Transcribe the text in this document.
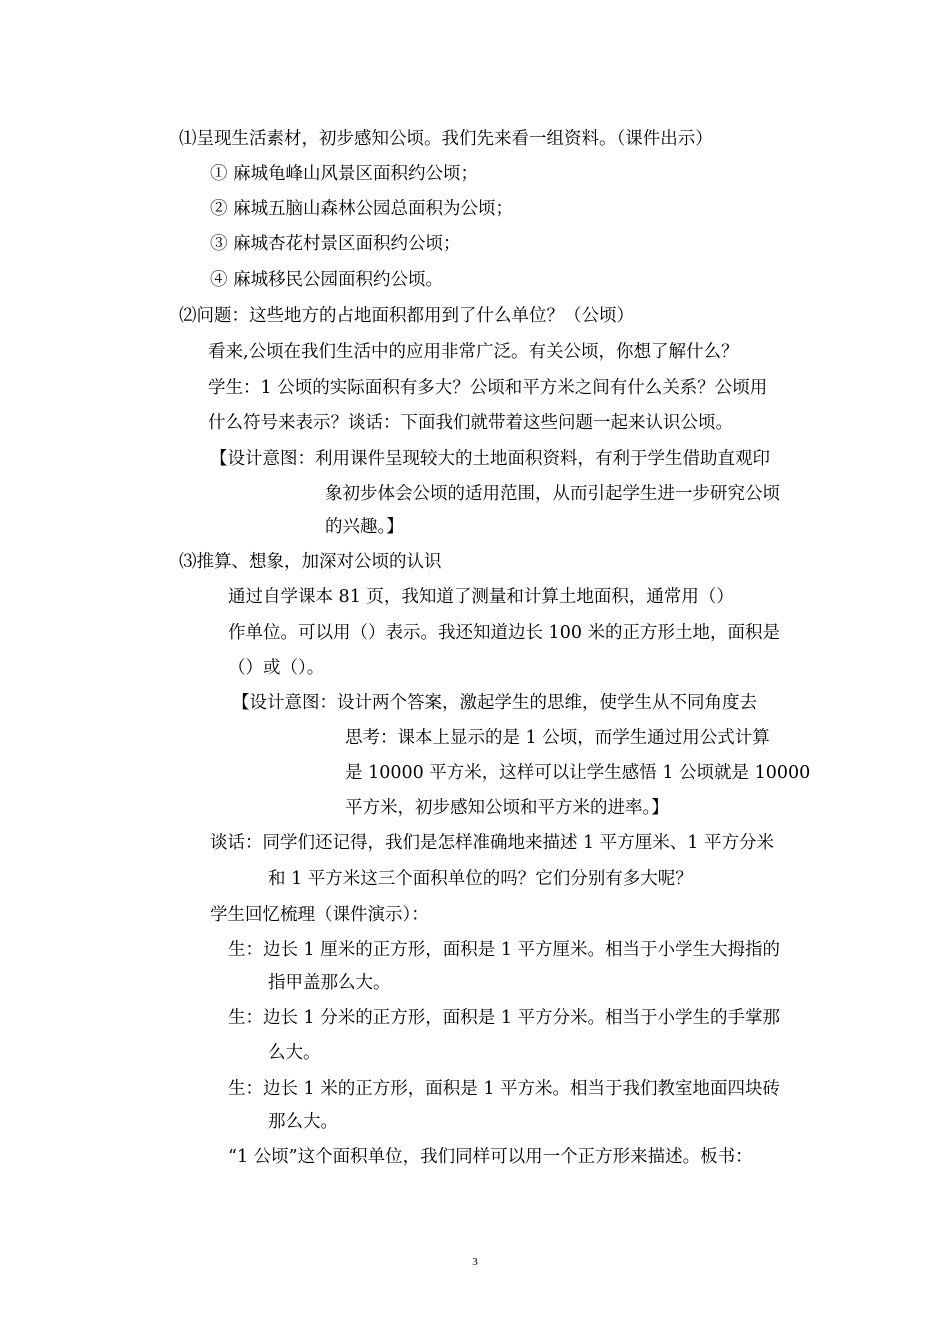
⑴呈现生活素材，初步感知公顷。我们先来看一组资料。（课件出示）
① 麻城龟峰山风景区面积约公顷；
② 麻城五脑山森林公园总面积为公顷；
③ 麻城杏花村景区面积约公顷；
④ 麻城移民公园面积约公顷。
⑵问题：这些地方的占地面积都用到了什么单位？（公顷）
看来,公顷在我们生活中的应用非常广泛。有关公顷，你想了解什么？
学生：1 公顷的实际面积有多大？公顷和平方米之间有什么关系？公顷用
什么符号来表示？谈话：下面我们就带着这些问题一起来认识公顷。
【设计意图：利用课件呈现较大的土地面积资料，有利于学生借助直观印
象初步体会公顷的适用范围，从而引起学生进一步研究公顷
的兴趣。】
⑶推算、想象，加深对公顷的认识
通过自学课本 81 页，我知道了测量和计算土地面积，通常用（）
作单位。可以用（）表示。我还知道边长 100 米的正方形土地，面积是
（）或（）。
【设计意图：设计两个答案，激起学生的思维，使学生从不同角度去
思考：课本上显示的是 1 公顷，而学生通过用公式计算
是 10000 平方米，这样可以让学生感悟 1 公顷就是 10000
平方米，初步感知公顷和平方米的进率。】
谈话：同学们还记得，我们是怎样准确地来描述 1 平方厘米、1 平方分米
和 1 平方米这三个面积单位的吗？它们分别有多大呢？
学生回忆梳理（课件演示）：
生：边长 1 厘米的正方形，面积是 1 平方厘米。相当于小学生大拇指的
指甲盖那么大。
生：边长 1 分米的正方形，面积是 1 平方分米。相当于小学生的手掌那
么大。
生：边长 1 米的正方形，面积是 1 平方米。相当于我们教室地面四块砖
那么大。
“1 公顷”这个面积单位，我们同样可以用一个正方形来描述。板书：
3
